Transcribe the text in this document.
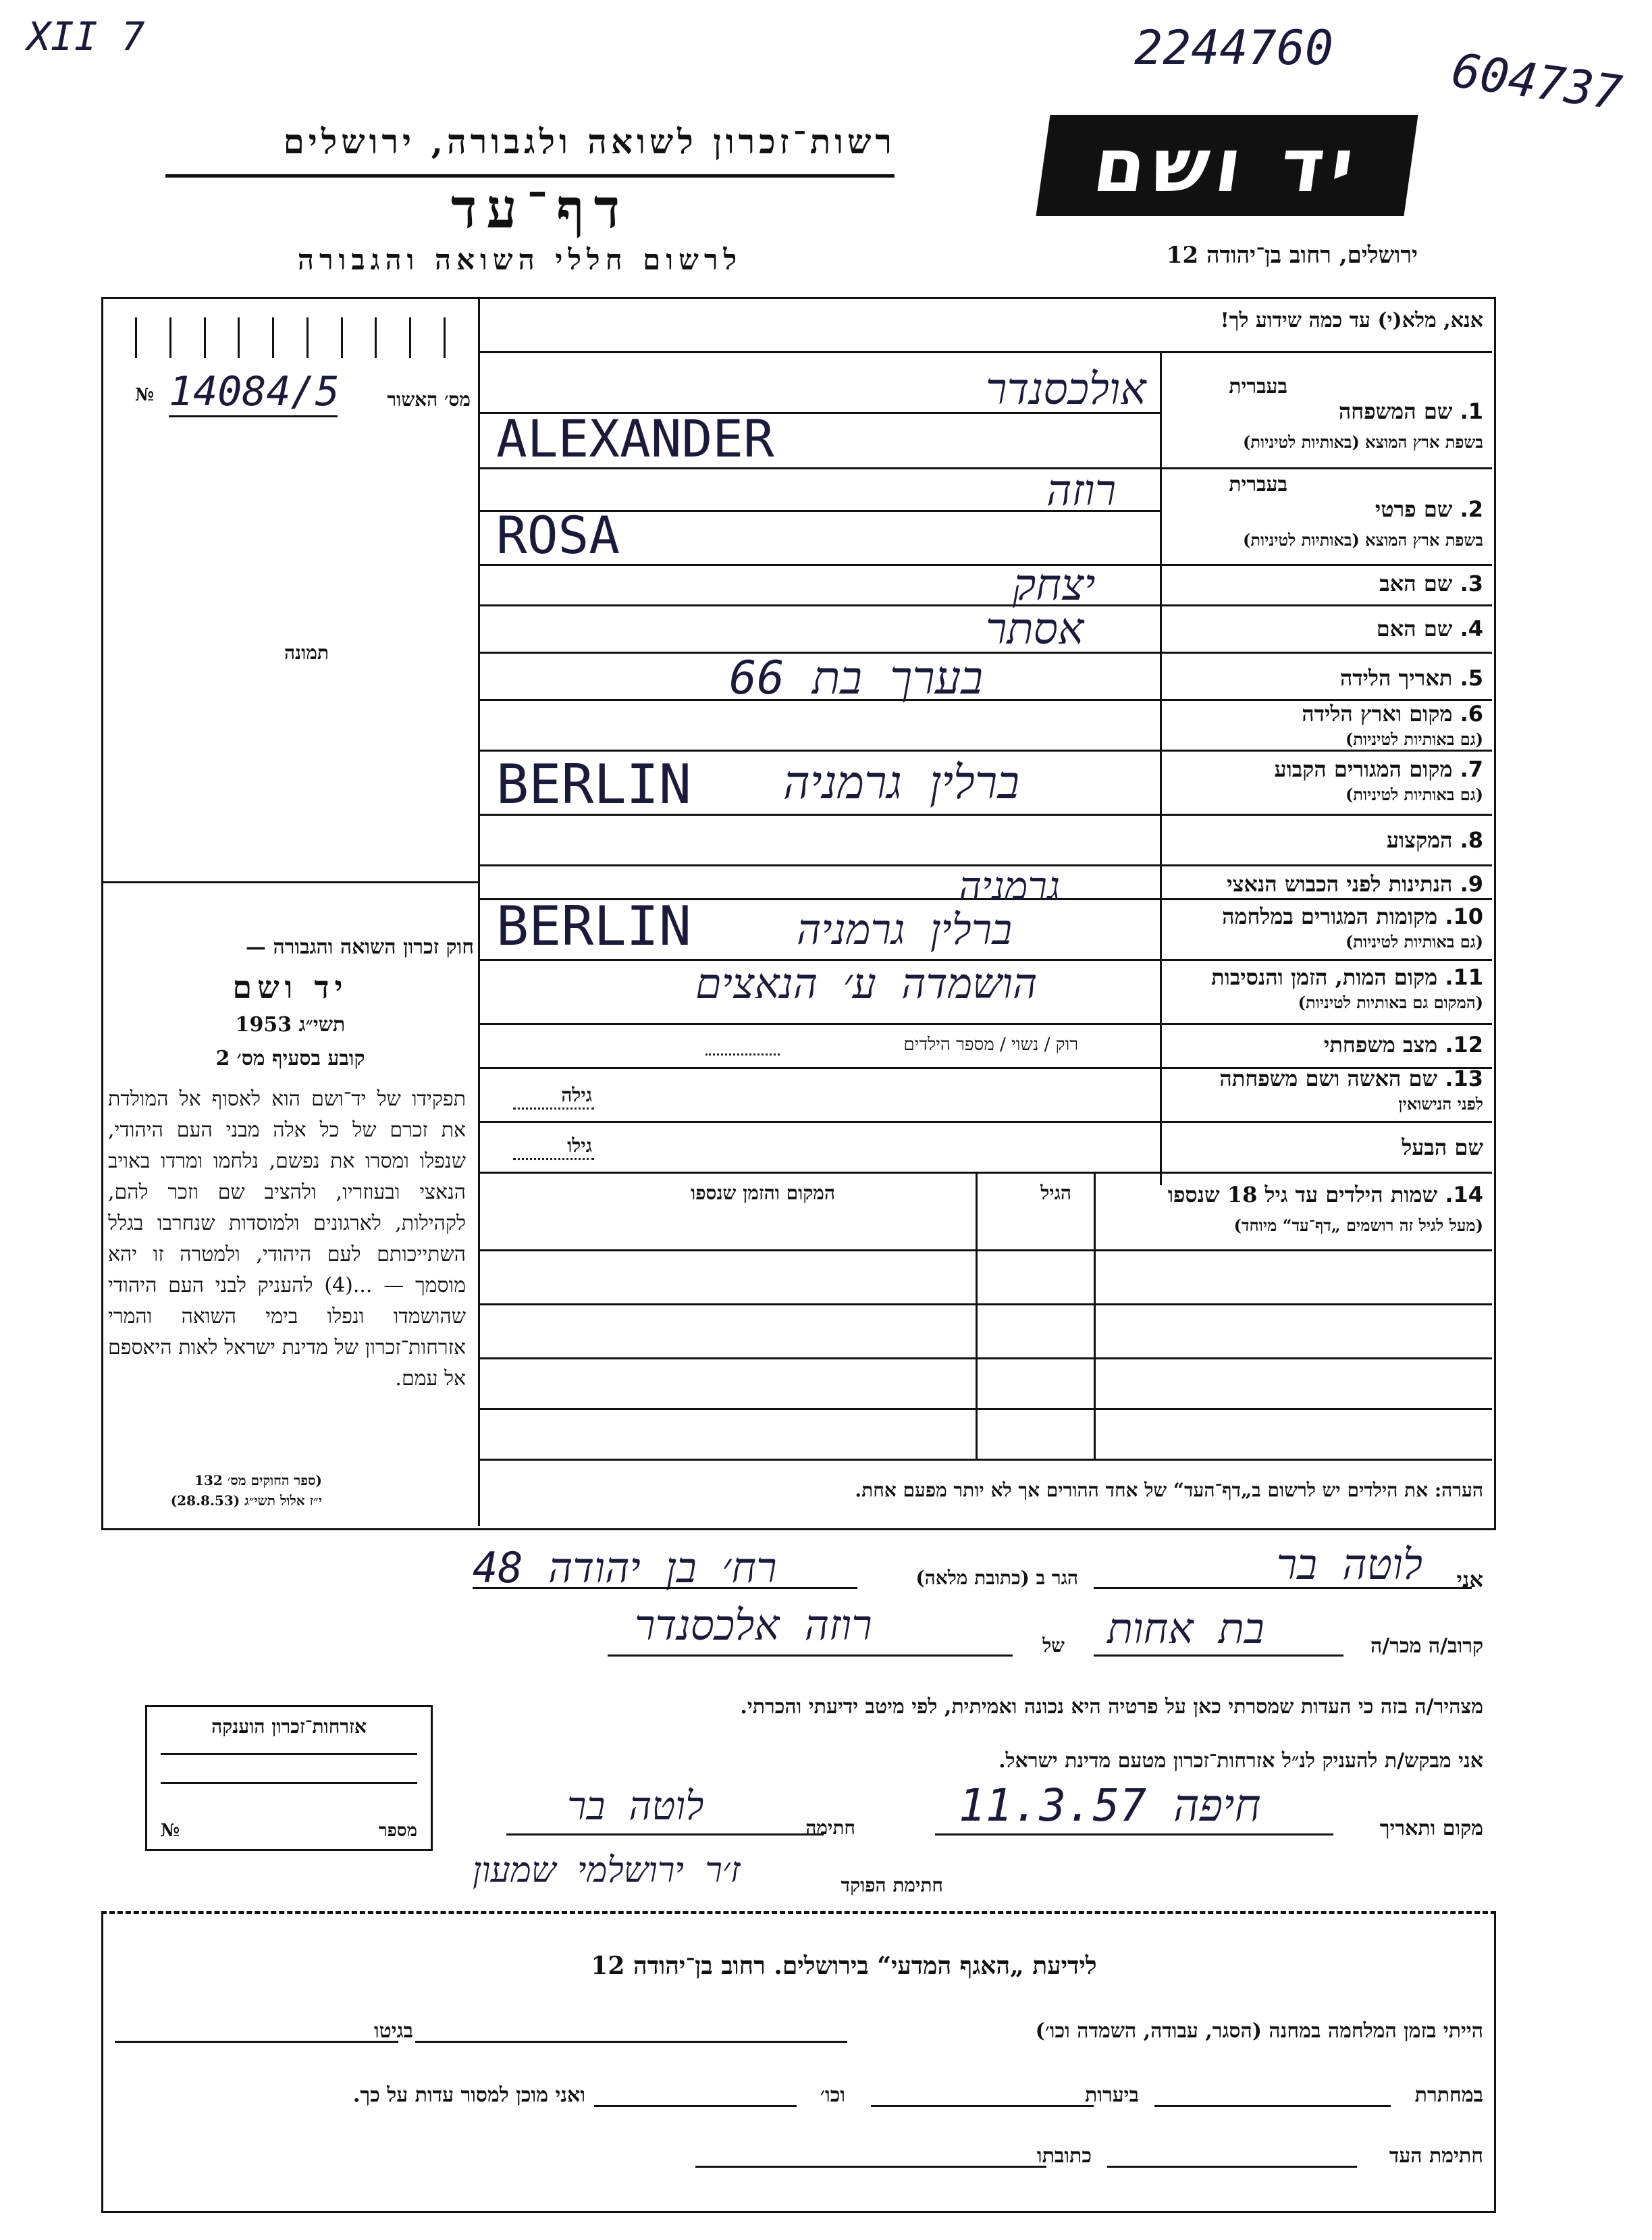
XII 7	2244760 604737
רשות־זכרון לשואה ולגבורה, ירושלים
דף־עד
לרשום חללי השואה והגבורה
יד ושם
ירושלים, רחוב בן־יהודה 12
אנא, מלא(י) עד כמה שידוע לך!
מס׳ האשור
№ 14084/5
תמונה
חוק זכרון השואה והגבורה —
יד ושם
תשי״ג 1953
קובע בסעיף מס׳ 2
תפקידו של יד־ושם הוא לאסוף אל המולדת את זכרם של כל אלה מבני העם היהודי, שנפלו ומסרו את נפשם, נלחמו ומרדו באויב הנאצי ובעוזריו, ולהציב שם וזכר להם, לקהילות, לארגונים ולמוסדות שנחרבו בגלל השתייכותם לעם היהודי, ולמטרה זו יהא מוסמך — ...(4) להעניק לבני העם היהודי שהושמדו ונפלו בימי השואה והמרי אזרחות־זכרון של מדינת ישראל לאות היאספם אל עמם.
(ספר החוקים מס׳ 132
י״ז אלול תשי״ג (28.8.53)
בעברית
1. שם המשפחה
בשפת ארץ המוצא (באותיות לטיניות)
אולכסנדר
ALEXANDER
בעברית
2. שם פרטי
בשפת ארץ המוצא (באותיות לטיניות)
רוזה
ROSA
3. שם האב
יצחק
4. שם האם
אסתר
5. תאריך הלידה
בערך בת 66
6. מקום וארץ הלידה
(גם באותיות לטיניות)
7. מקום המגורים הקבוע
(גם באותיות לטיניות)
ברלין גרמניה
BERLIN
8. המקצוע
9. הנתינות לפני הכבוש הנאצי
גרמניה
10. מקומות המגורים במלחמה
(גם באותיות לטיניות)
ברלין גרמניה
BERLIN
11. מקום המות, הזמן והנסיבות
(המקום גם באותיות לטיניות)
הושמדה ע׳ הנאצים
12. מצב משפחתי
רוק / נשוי / מספר הילדים
13. שם האשה ושם משפחתה
לפני הנישואין
גילה
שם הבעל
גילו
14. שמות הילדים עד גיל 18 שנספו
(מעל לגיל זה רושמים „דף־עד“ מיוחד)
הגיל
המקום והזמן שנספו
הערה: את הילדים יש לרשום ב„דף־העד“ של אחד ההורים אך לא יותר מפעם אחת.
אני
לוטה בר
הגר ב (כתובת מלאה)
רח׳ בן יהודה 48
קרוב/ה מכר/ה
בת אחות
של
רוזה אלכסנדר
מצהיר/ה בזה כי העדות שמסרתי כאן על פרטיה היא נכונה ואמיתית, לפי מיטב ידיעתי והכרתי.
אני מבקש/ת להעניק לנ״ל אזרחות־זכרון מטעם מדינת ישראל.
מקום ותאריך
חיפה 11.3.57
חתימה
לוטה בר
חתימת הפוקד
ז׳ר ירושלמי שמעון
אזרחות־זכרון הוענקה
№	מספר
לידיעת „האגף המדעי“ בירושלים. רחוב בן־יהודה 12
הייתי בזמן המלחמה במחנה (הסגר, עבודה, השמדה וכו׳)
בגיטו
במחתרת
ביערות
וכו׳
ואני מוכן למסור עדות על כך.
חתימת העד
כתובתו
